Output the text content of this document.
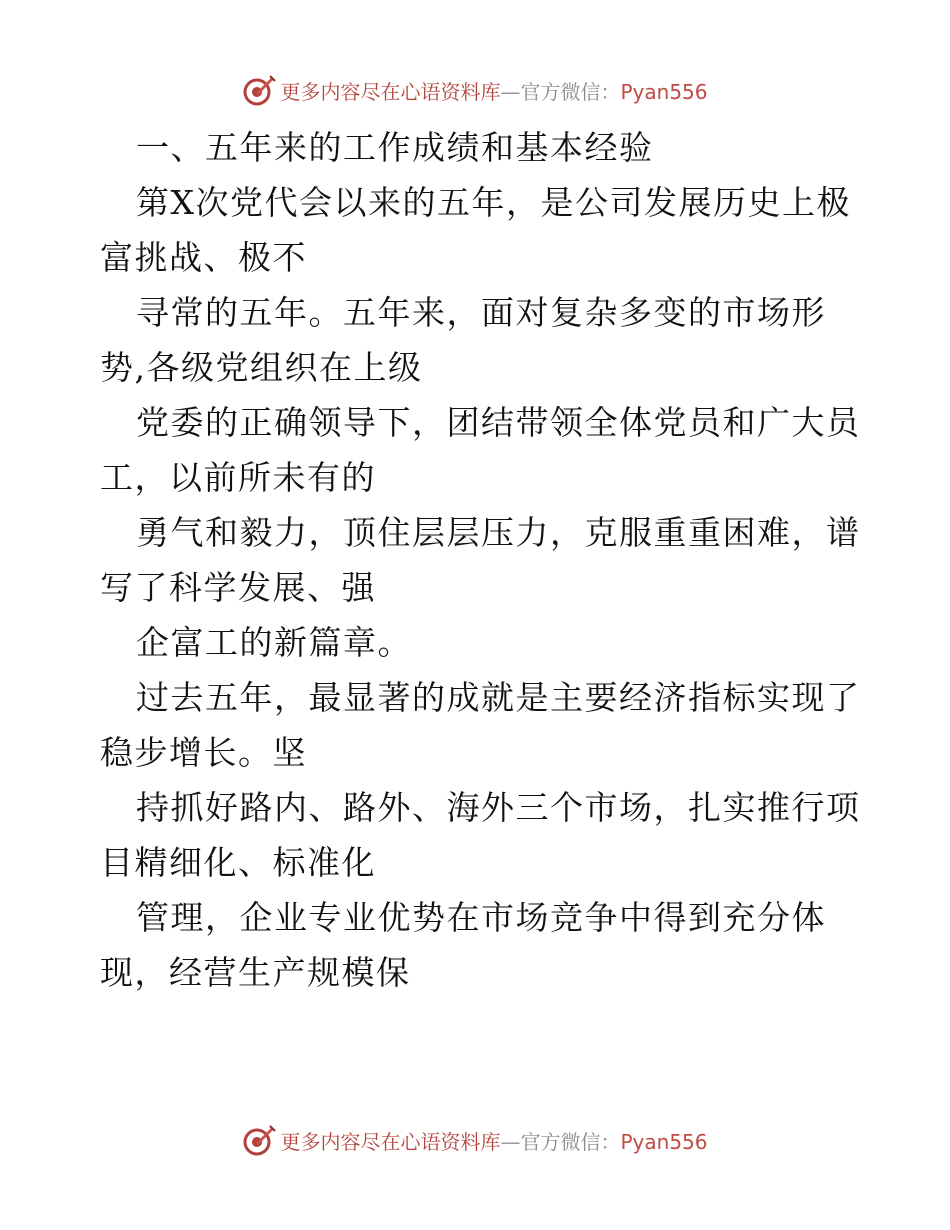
更多内容尽在心语资料库—官方微信：Pyan556
一、五年来的工作成绩和基本经验
第X次党代会以来的五年，是公司发展历史上极
富挑战、极不
寻常的五年。五年来，面对复杂多变的市场形
势,各级党组织在上级
党委的正确领导下，团结带领全体党员和广大员
工，以前所未有的
勇气和毅力，顶住层层压力，克服重重困难，谱
写了科学发展、强
企富工的新篇章。
过去五年，最显著的成就是主要经济指标实现了
稳步增长。坚
持抓好路内、路外、海外三个市场，扎实推行项
目精细化、标准化
管理，企业专业优势在市场竞争中得到充分体
现，经营生产规模保
更多内容尽在心语资料库—官方微信：Pyan556
